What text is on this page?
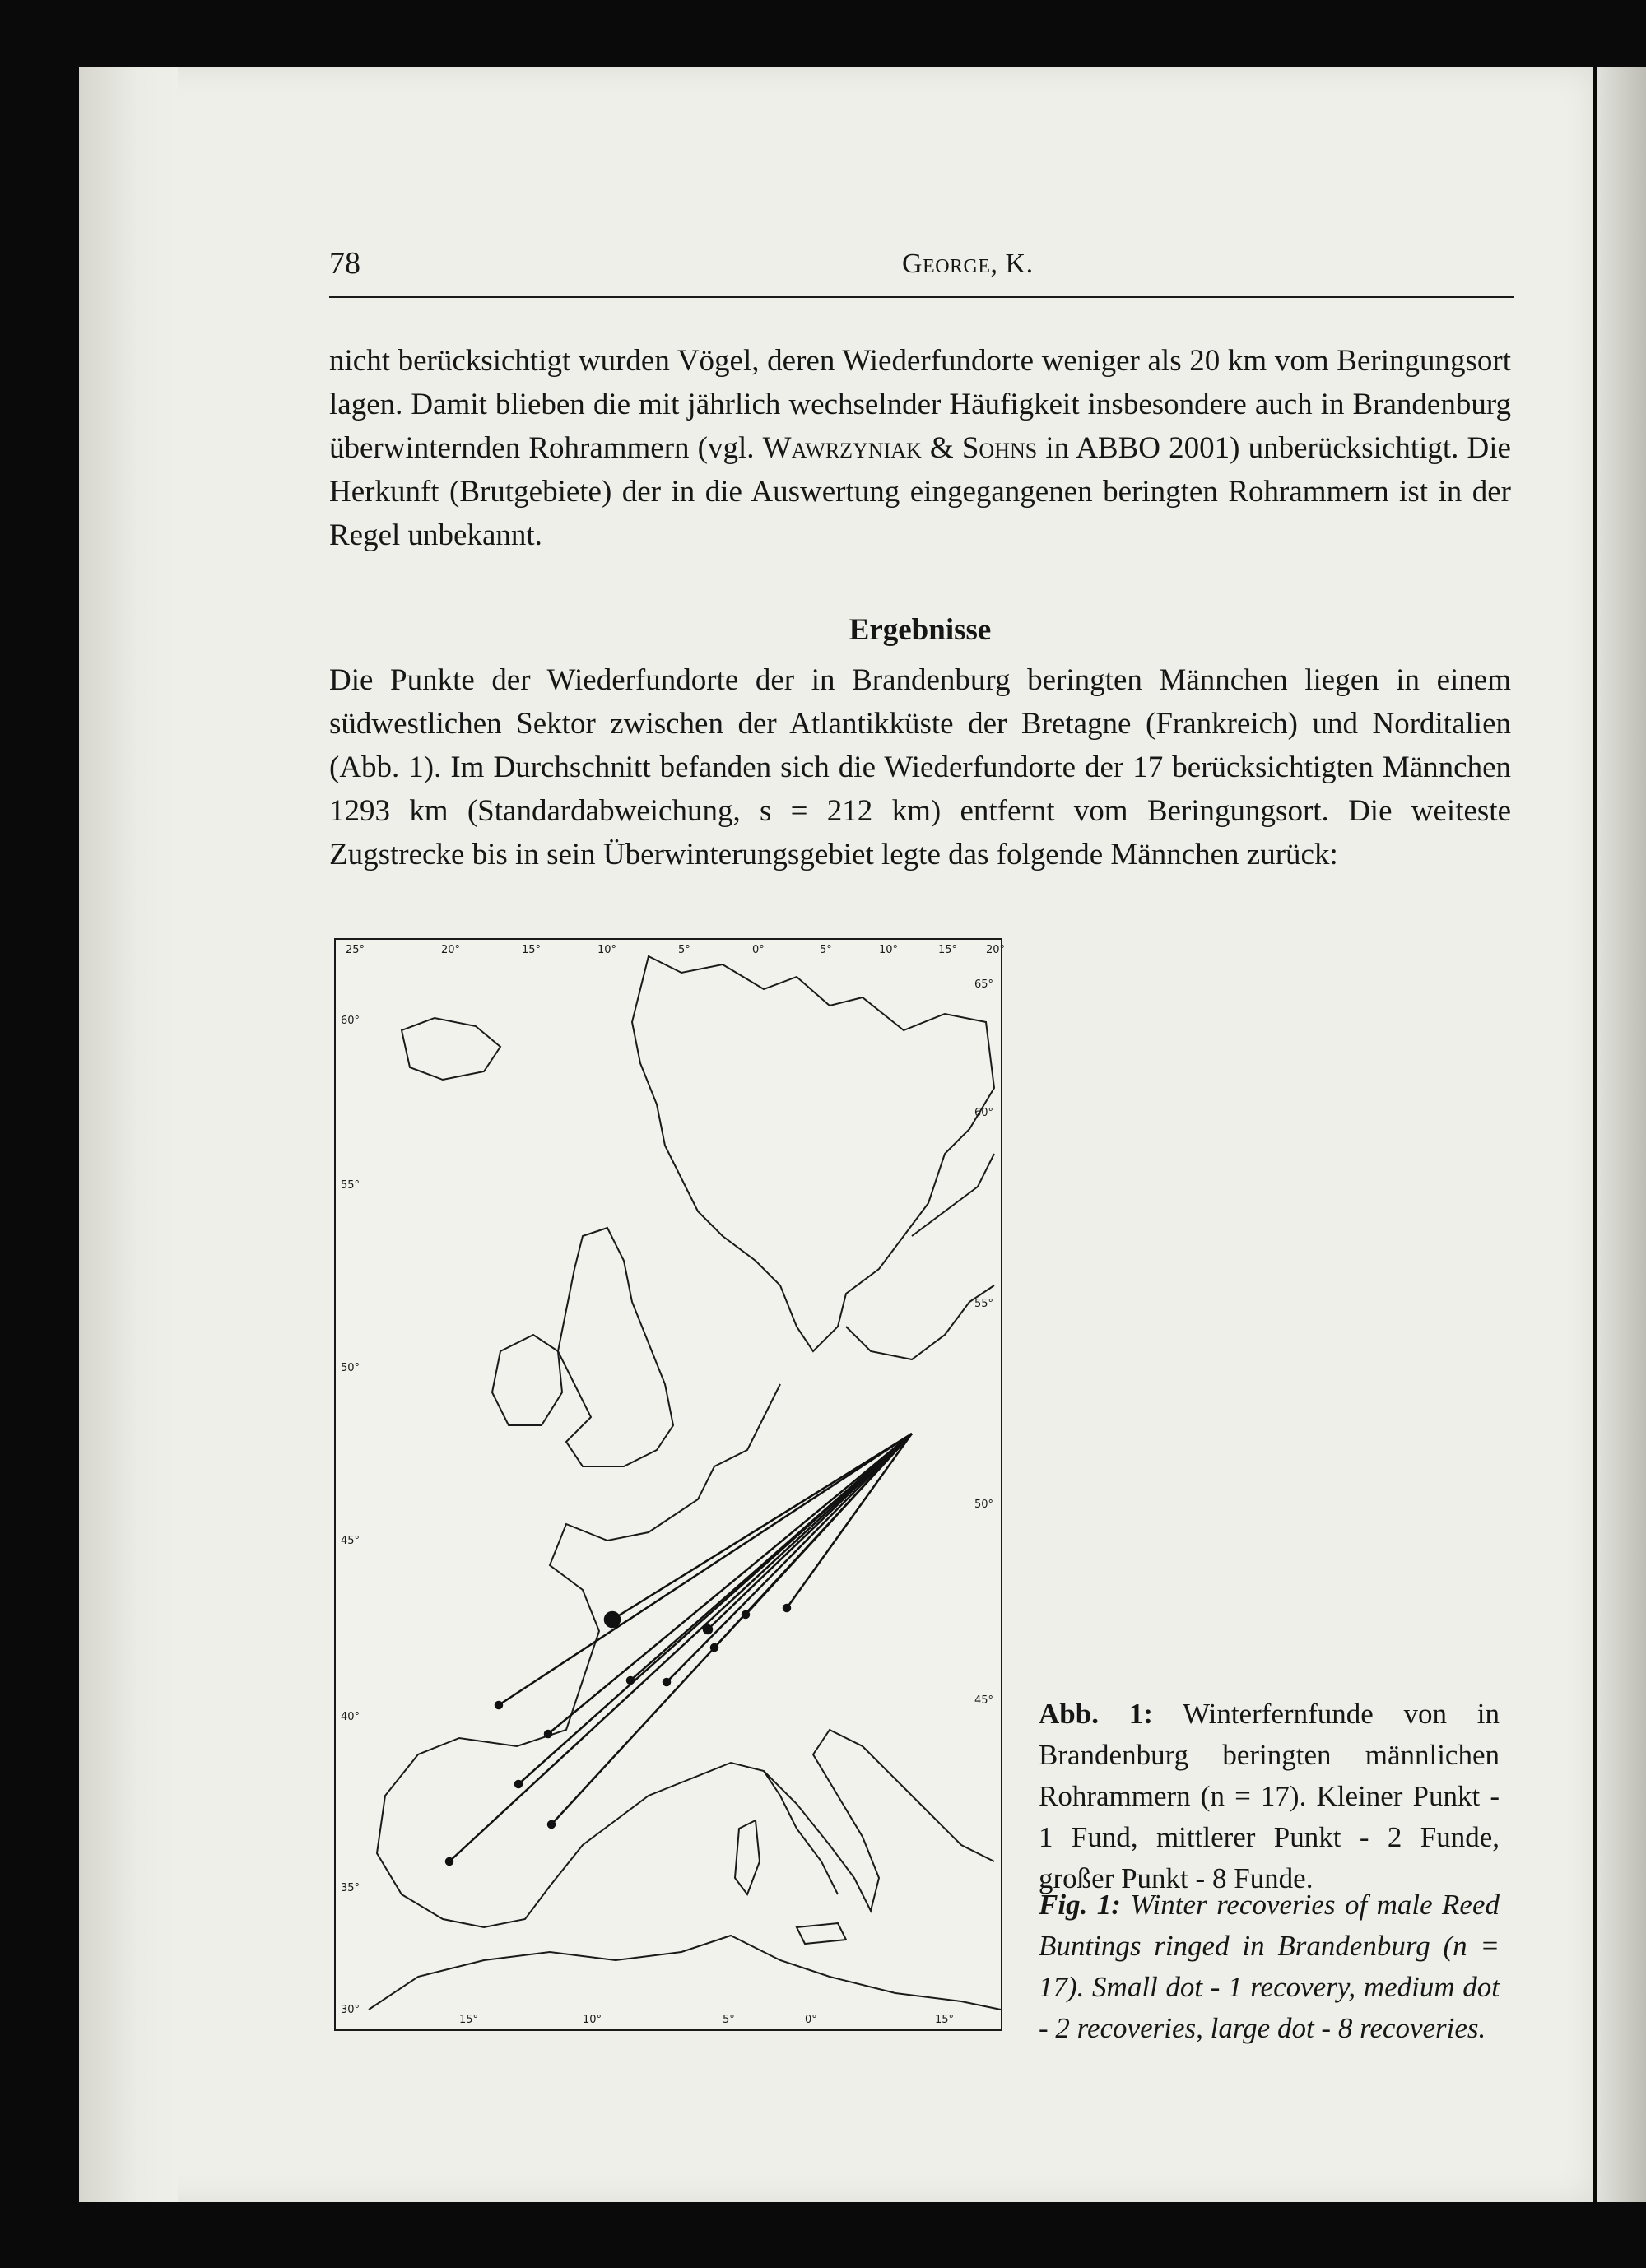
78	George, K.
nicht berücksichtigt wurden Vögel, deren Wiederfundorte weniger als 20 km vom Beringungsort lagen. Damit blieben die mit jährlich wechselnder Häufigkeit insbesondere auch in Brandenburg überwinternden Rohrammern (vgl. Wawrzyniak & Sohns in ABBO 2001) unberücksichtigt. Die Herkunft (Brutgebiete) der in die Auswertung eingegangenen beringten Rohrammern ist in der Regel unbekannt.
Ergebnisse
Die Punkte der Wiederfundorte der in Brandenburg beringten Männchen liegen in einem südwestlichen Sektor zwischen der Atlantikküste der Bretagne (Frankreich) und Norditalien (Abb. 1). Im Durchschnitt befanden sich die Wiederfundorte der 17 berücksichtigten Männchen 1293 km (Standardabweichung, s = 212 km) entfernt vom Beringungsort. Die weiteste Zugstrecke bis in sein Überwinterungsgebiet legte das folgende Männchen zurück:
25°	20°	15°	10°	5°	0°	5°	10°	15°	20°
60°
55°
50°
45°
40°
35°
30°
65°
60°
55°
50°
45°
15°	10°	5°	0°	15°
Abb. 1: Winterfernfunde von in Brandenburg beringten männlichen Rohrammern (n = 17). Kleiner Punkt - 1 Fund, mittlerer Punkt - 2 Funde, großer Punkt - 8 Funde.
Fig. 1: Winter recoveries of male Reed Buntings ringed in Brandenburg (n = 17). Small dot - 1 recovery, medium dot - 2 recoveries, large dot - 8 recoveries.
